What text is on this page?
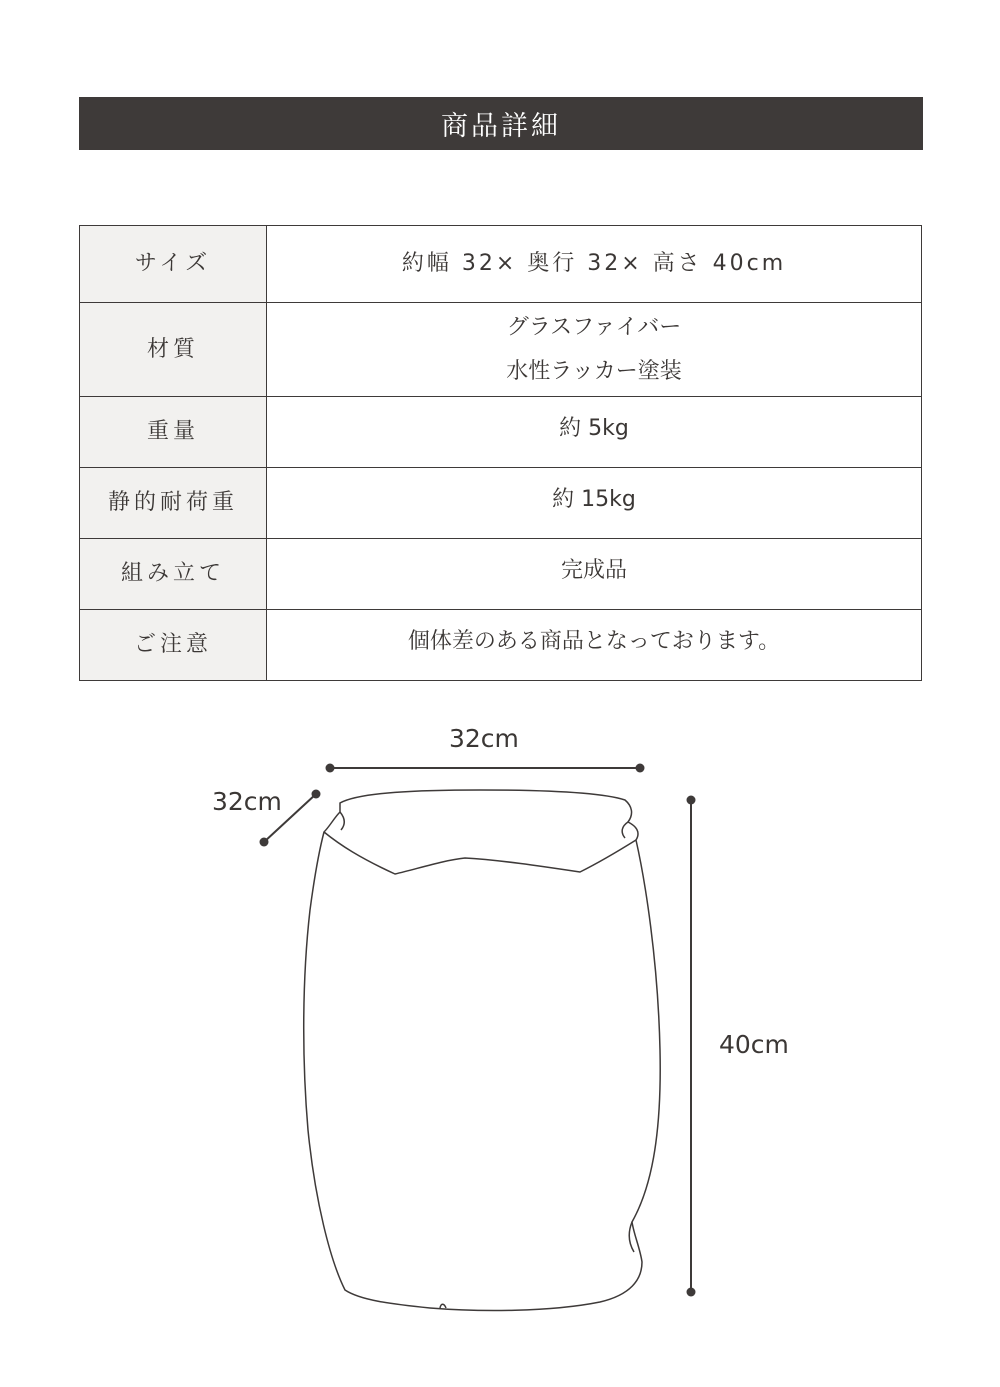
商品詳細
サイズ	約幅 32× 奥行 32× 高さ 40cm

材質	グラスファイバー
水性ラッカー塗装

重量	約 5kg

静的耐荷重	約 15kg

組み立て	完成品

ご注意	個体差のある商品となっております。
32cm
32cm
40cm
